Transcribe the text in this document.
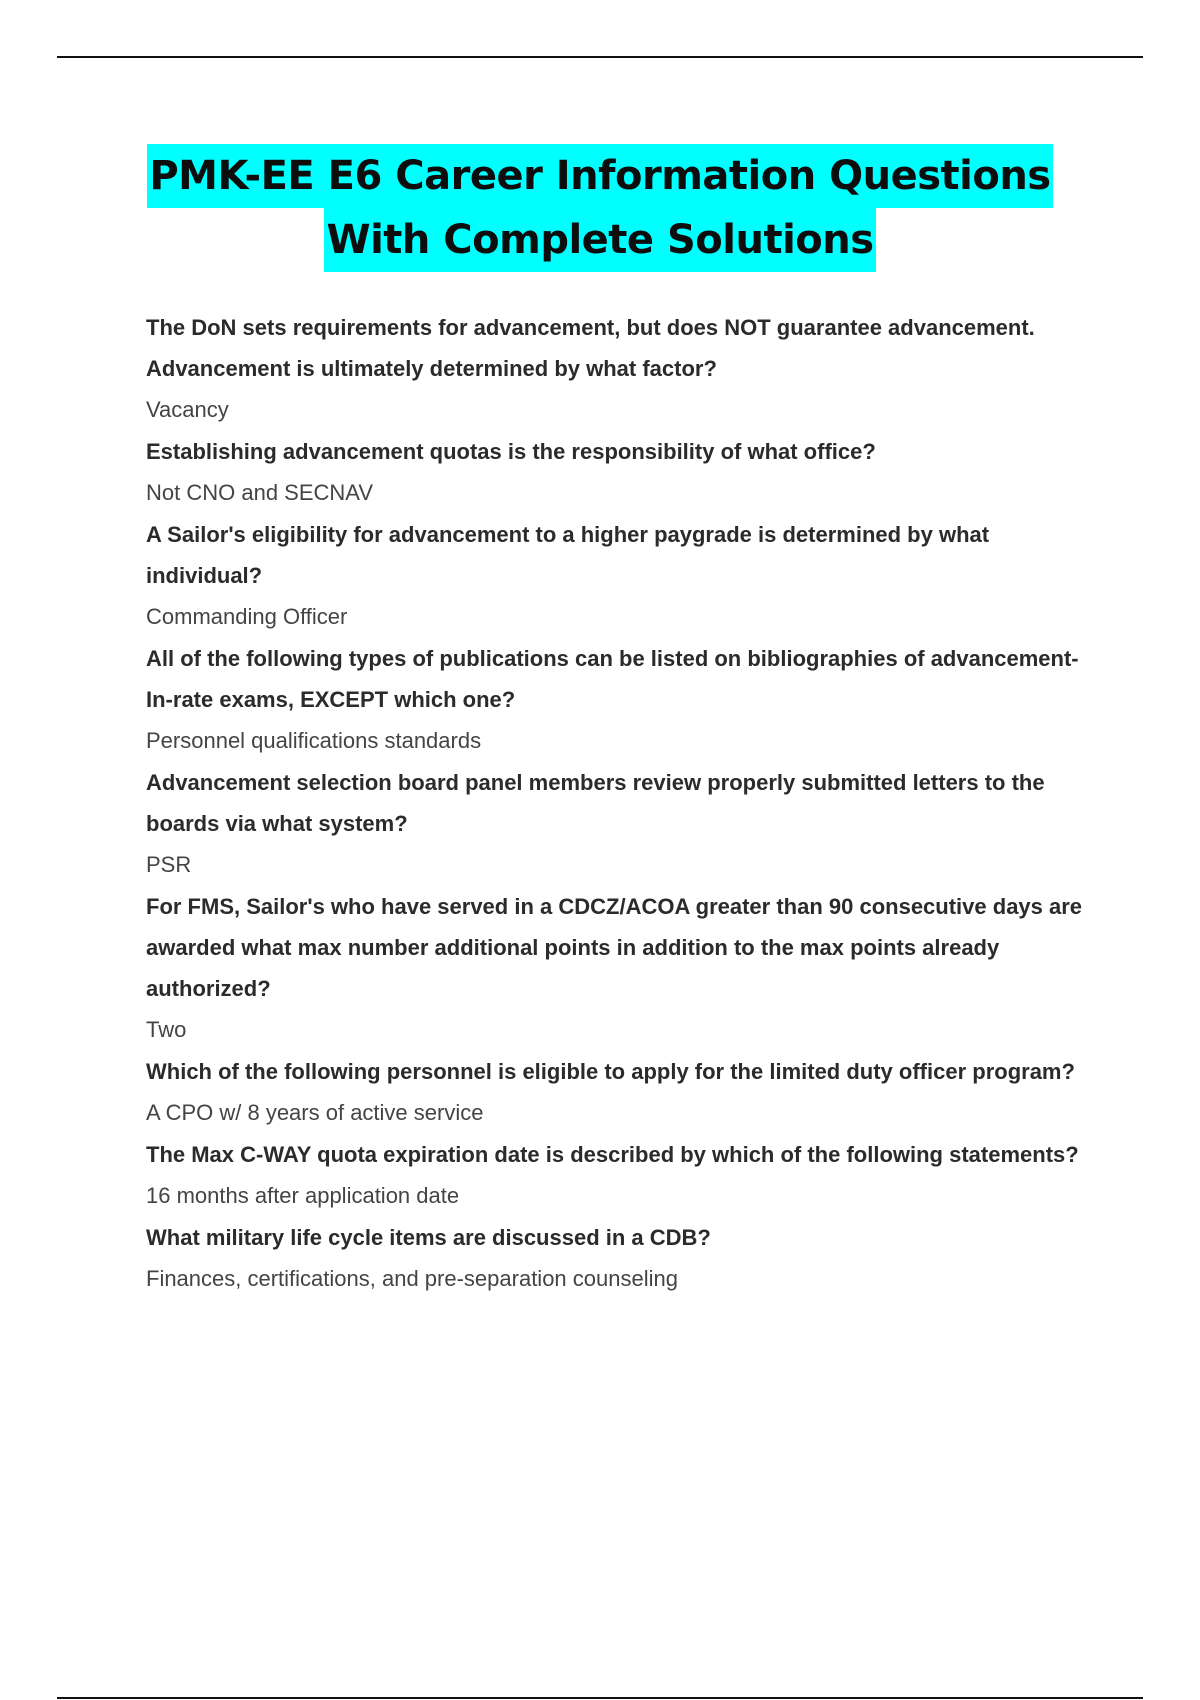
PMK-EE E6 Career Information Questions
With Complete Solutions

The DoN sets requirements for advancement, but does NOT guarantee advancement. Advancement is ultimately determined by what factor?

Vacancy

Establishing advancement quotas is the responsibility of what office?

Not CNO and SECNAV

A Sailor's eligibility for advancement to a higher paygrade is determined by what individual?

Commanding Officer

All of the following types of publications can be listed on bibliographies of advancement-In-rate exams, EXCEPT which one?

Personnel qualifications standards

Advancement selection board panel members review properly submitted letters to the boards via what system?

PSR

For FMS, Sailor's who have served in a CDCZ/ACOA greater than 90 consecutive days are awarded what max number additional points in addition to the max points already authorized?

Two

Which of the following personnel is eligible to apply for the limited duty officer program?

A CPO w/ 8 years of active service

The Max C-WAY quota expiration date is described by which of the following statements?

16 months after application date

What military life cycle items are discussed in a CDB?

Finances, certifications, and pre-separation counseling
